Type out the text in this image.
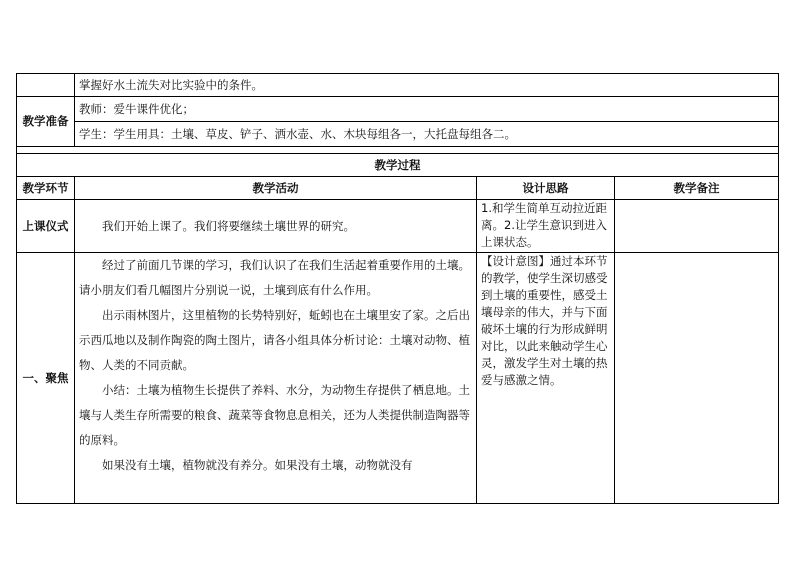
	掌握好水土流失对比实验中的条件。		
教学准备	教师：爱牛课件优化；		
	学生：学生用具：土壤、草皮、铲子、洒水壶、水、木块每组各一，大托盘每组各二。		

教学过程			
教学环节	教学活动	设计思路	教学备注
上课仪式	我们开始上课了。我们将要继续土壤世界的研究。	1.和学生简单互动拉近距离。2.让学生意识到进入上课状态。	
一、聚焦	经过了前面几节课的学习，我们认识了在我们生活起着重要作用的土壤。请小朋友们看几幅图片分别说一说，土壤到底有什么作用。

出示雨林图片，这里植物的长势特别好，蚯蚓也在土壤里安了家。之后出示西瓜地以及制作陶瓷的陶土图片，请各小组具体分析讨论：土壤对动物、植物、人类的不同贡献。

小结：土壤为植物生长提供了养料、水分，为动物生存提供了栖息地。土壤与人类生存所需要的粮食、蔬菜等食物息息相关，还为人类提供制造陶器等的原料。

如果没有土壤，植物就没有养分。如果没有土壤，动物就没有	【设计意图】通过本环节的教学，使学生深切感受到土壤的重要性，感受土壤母亲的伟大，并与下面破坏土壤的行为形成鲜明对比，以此来触动学生心灵，激发学生对土壤的热爱与感激之情。	
